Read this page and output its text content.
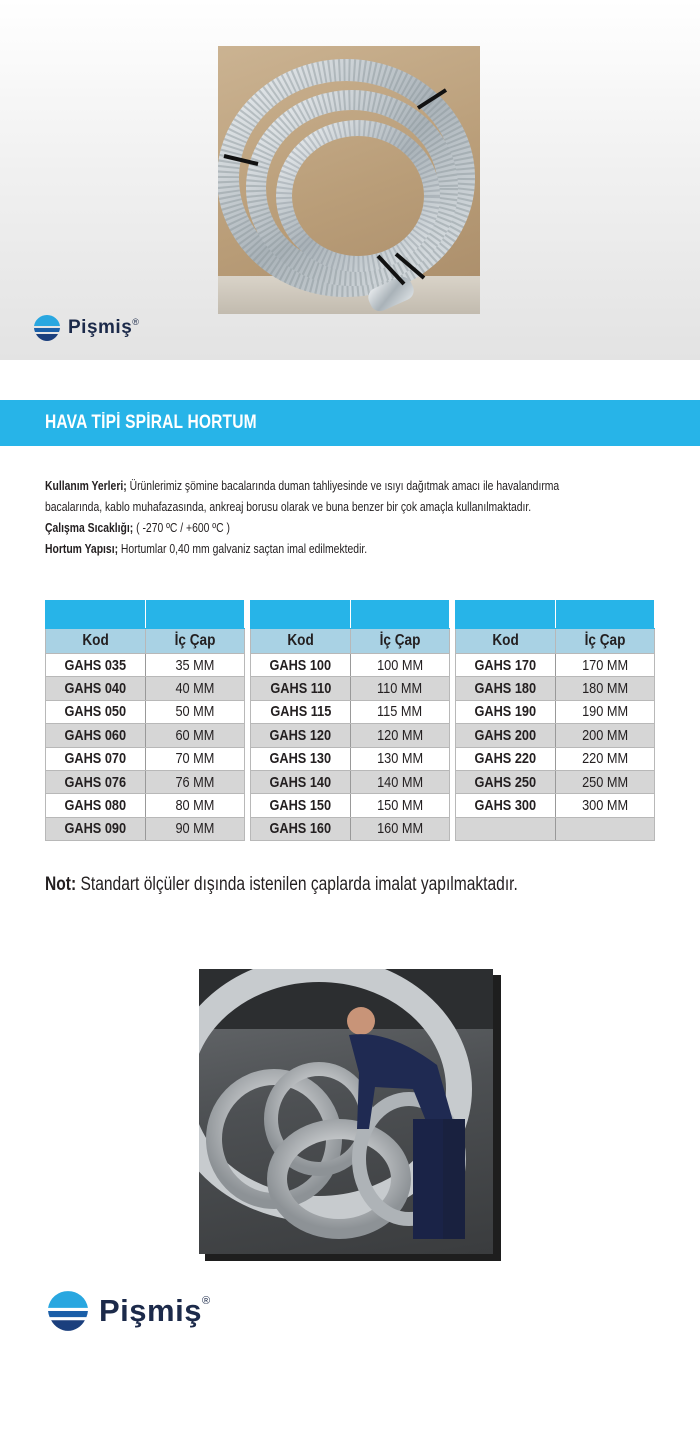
Pişmiş ®
HAVA TİPİ SPİRAL HORTUM

Kullanım Yerleri; Ürünlerimiz şömine bacalarında duman tahliyesinde ve ısıyı dağıtmak amacı ile havalandırma

bacalarında, kablo muhafazasında, ankreaj borusu olarak ve buna benzer bir çok amaçla kullanılmaktadır.

Çalışma Sıcaklığı; ( -270 ºC / +600 ºC )

Hortum Yapısı; Hortumlar 0,40 mm galvaniz saçtan imal edilmektedir.

Kod	İç Çap
GAHS 035	35 MM
GAHS 040	40 MM
GAHS 050	50 MM
GAHS 060	60 MM
GAHS 070	70 MM
GAHS 076	76 MM
GAHS 080	80 MM
GAHS 090	90 MM

Kod	İç Çap
GAHS 100	100 MM
GAHS 110	110 MM
GAHS 115	115 MM
GAHS 120	120 MM
GAHS 130	130 MM
GAHS 140	140 MM
GAHS 150	150 MM
GAHS 160	160 MM

Kod	İç Çap
GAHS 170	170 MM
GAHS 180	180 MM
GAHS 190	190 MM
GAHS 200	200 MM
GAHS 220	220 MM
GAHS 250	250 MM
GAHS 300	300 MM

Not: Standart ölçüler dışında istenilen çaplarda imalat yapılmaktadır.
Pişmiş ®
